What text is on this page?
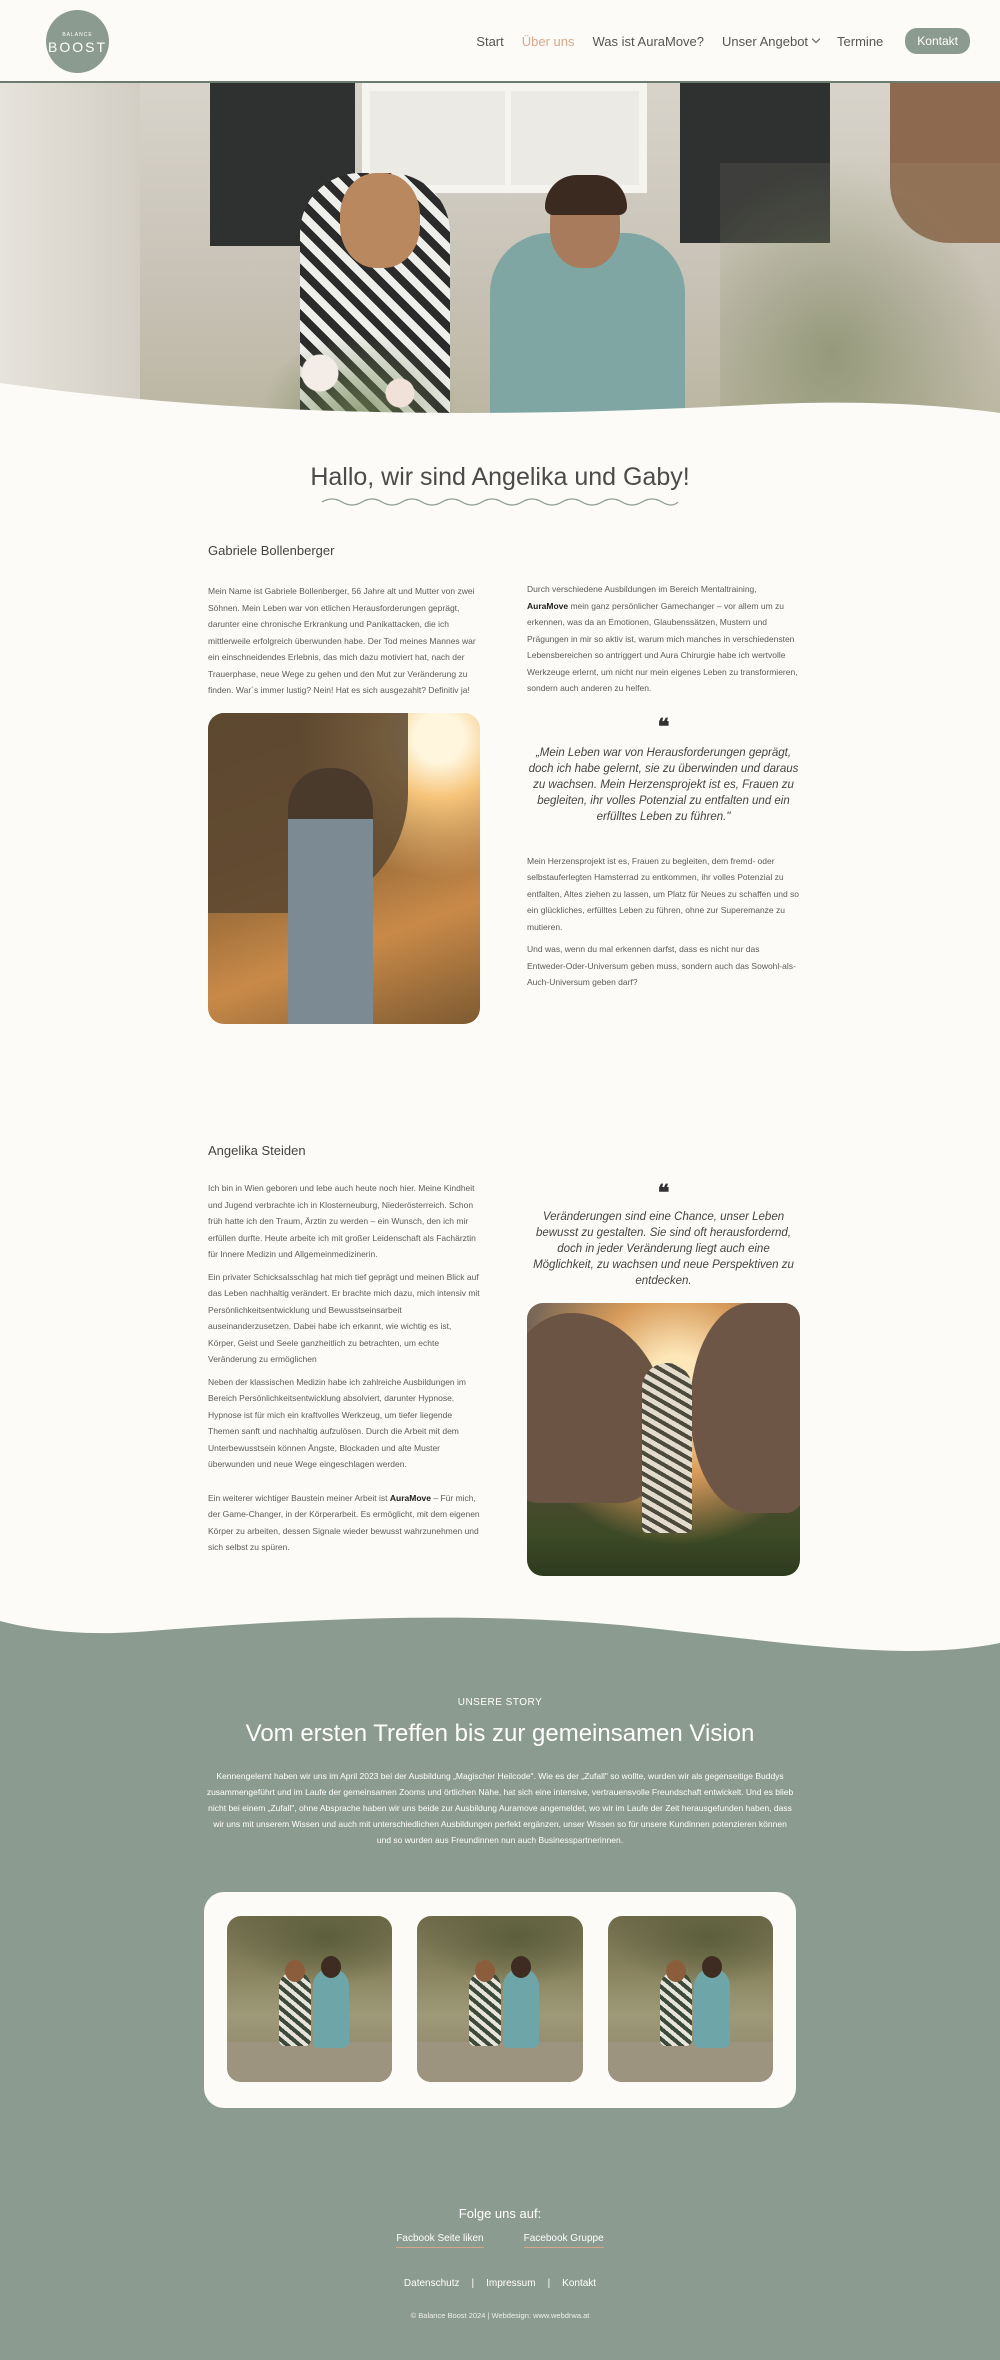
BALANCE
BOOST	Start Über uns Was ist AuraMove? Unser Angebot Termine	Kontakt
Hallo, wir sind Angelika und Gaby!
Gabriele Bollenberger

Mein Name ist Gabriele Bollenberger, 56 Jahre alt und Mutter von zwei Söhnen. Mein Leben war von etlichen Herausforderungen geprägt, darunter eine chronische Erkrankung und Panikattacken, die ich mittlerweile erfolgreich überwunden habe. Der Tod meines Mannes war ein einschneidendes Erlebnis, das mich dazu motiviert hat, nach der Trauerphase, neue Wege zu gehen und den Mut zur Veränderung zu finden. War´s immer lustig? Nein! Hat es sich ausgezahlt? Definitiv ja!

Durch verschiedene Ausbildungen im Bereich Mentaltraining, AuraMove mein ganz persönlicher Gamechanger – vor allem um zu erkennen, was da an Emotionen, Glaubenssätzen, Mustern und Prägungen in mir so aktiv ist, warum mich manches in verschiedensten Lebensbereichen so antriggert und Aura Chirurgie habe ich wertvolle Werkzeuge erlernt, um nicht nur mein eigenes Leben zu transformieren, sondern auch anderen zu helfen.

❝

„Mein Leben war von Herausforderungen geprägt, doch ich habe gelernt, sie zu überwinden und daraus zu wachsen. Mein Herzensprojekt ist es, Frauen zu begleiten, ihr volles Potenzial zu entfalten und ein erfülltes Leben zu führen."

Mein Herzensprojekt ist es, Frauen zu begleiten, dem fremd- oder selbstauferlegten Hamsterrad zu entkommen, ihr volles Potenzial zu entfalten, Altes ziehen zu lassen, um Platz für Neues zu schaffen und so ein glückliches, erfülltes Leben zu führen, ohne zur Superemanze zu mutieren.

Und was, wenn du mal erkennen darfst, dass es nicht nur das Entweder-Oder-Universum geben muss, sondern auch das Sowohl-als-Auch-Universum geben darf?

Angelika Steiden

Ich bin in Wien geboren und lebe auch heute noch hier. Meine Kindheit und Jugend verbrachte ich in Klosterneuburg, Niederösterreich. Schon früh hatte ich den Traum, Ärztin zu werden – ein Wunsch, den ich mir erfüllen durfte. Heute arbeite ich mit großer Leidenschaft als Fachärztin für Innere Medizin und Allgemeinmedizinerin.

Ein privater Schicksalsschlag hat mich tief geprägt und meinen Blick auf das Leben nachhaltig verändert. Er brachte mich dazu, mich intensiv mit Persönlichkeitsentwicklung und Bewusstseinsarbeit auseinanderzusetzen. Dabei habe ich erkannt, wie wichtig es ist, Körper, Geist und Seele ganzheitlich zu betrachten, um echte Veränderung zu ermöglichen

Neben der klassischen Medizin habe ich zahlreiche Ausbildungen im Bereich Persönlichkeitsentwicklung absolviert, darunter Hypnose. Hypnose ist für mich ein kraftvolles Werkzeug, um tiefer liegende Themen sanft und nachhaltig aufzulösen. Durch die Arbeit mit dem Unterbewusstsein können Ängste, Blockaden und alte Muster überwunden und neue Wege eingeschlagen werden.

Ein weiterer wichtiger Baustein meiner Arbeit ist AuraMove – Für mich, der Game-Changer, in der Körperarbeit. Es ermöglicht, mit dem eigenen Körper zu arbeiten, dessen Signale wieder bewusst wahrzunehmen und sich selbst zu spüren.

❝

Veränderungen sind eine Chance, unser Leben bewusst zu gestalten. Sie sind oft herausfordernd, doch in jeder Veränderung liegt auch eine Möglichkeit, zu wachsen und neue Perspektiven zu entdecken.

UNSERE STORY
Vom ersten Treffen bis zur gemeinsamen Vision

Kennengelernt haben wir uns im April 2023 bei der Ausbildung „Magischer Heilcode". Wie es der „Zufall" so wollte, wurden wir als gegenseitige Buddys zusammengeführt und im Laufe der gemeinsamen Zooms und örtlichen Nähe, hat sich eine intensive, vertrauensvolle Freundschaft entwickelt. Und es blieb nicht bei einem „Zufall", ohne Absprache haben wir uns beide zur Ausbildung Auramove angemeldet, wo wir im Laufe der Zeit herausgefunden haben, dass wir uns mit unserem Wissen und auch mit unterschiedlichen Ausbildungen perfekt ergänzen, unser Wissen so für unsere Kundinnen potenzieren können und so wurden aus Freundinnen nun auch Businesspartnerinnen.

Folge uns auf:
Facbook Seite liken	Facebook Gruppe
Datenschutz | Impressum | Kontakt
© Balance Boost 2024 | Webdesign: www.webdrwa.at
